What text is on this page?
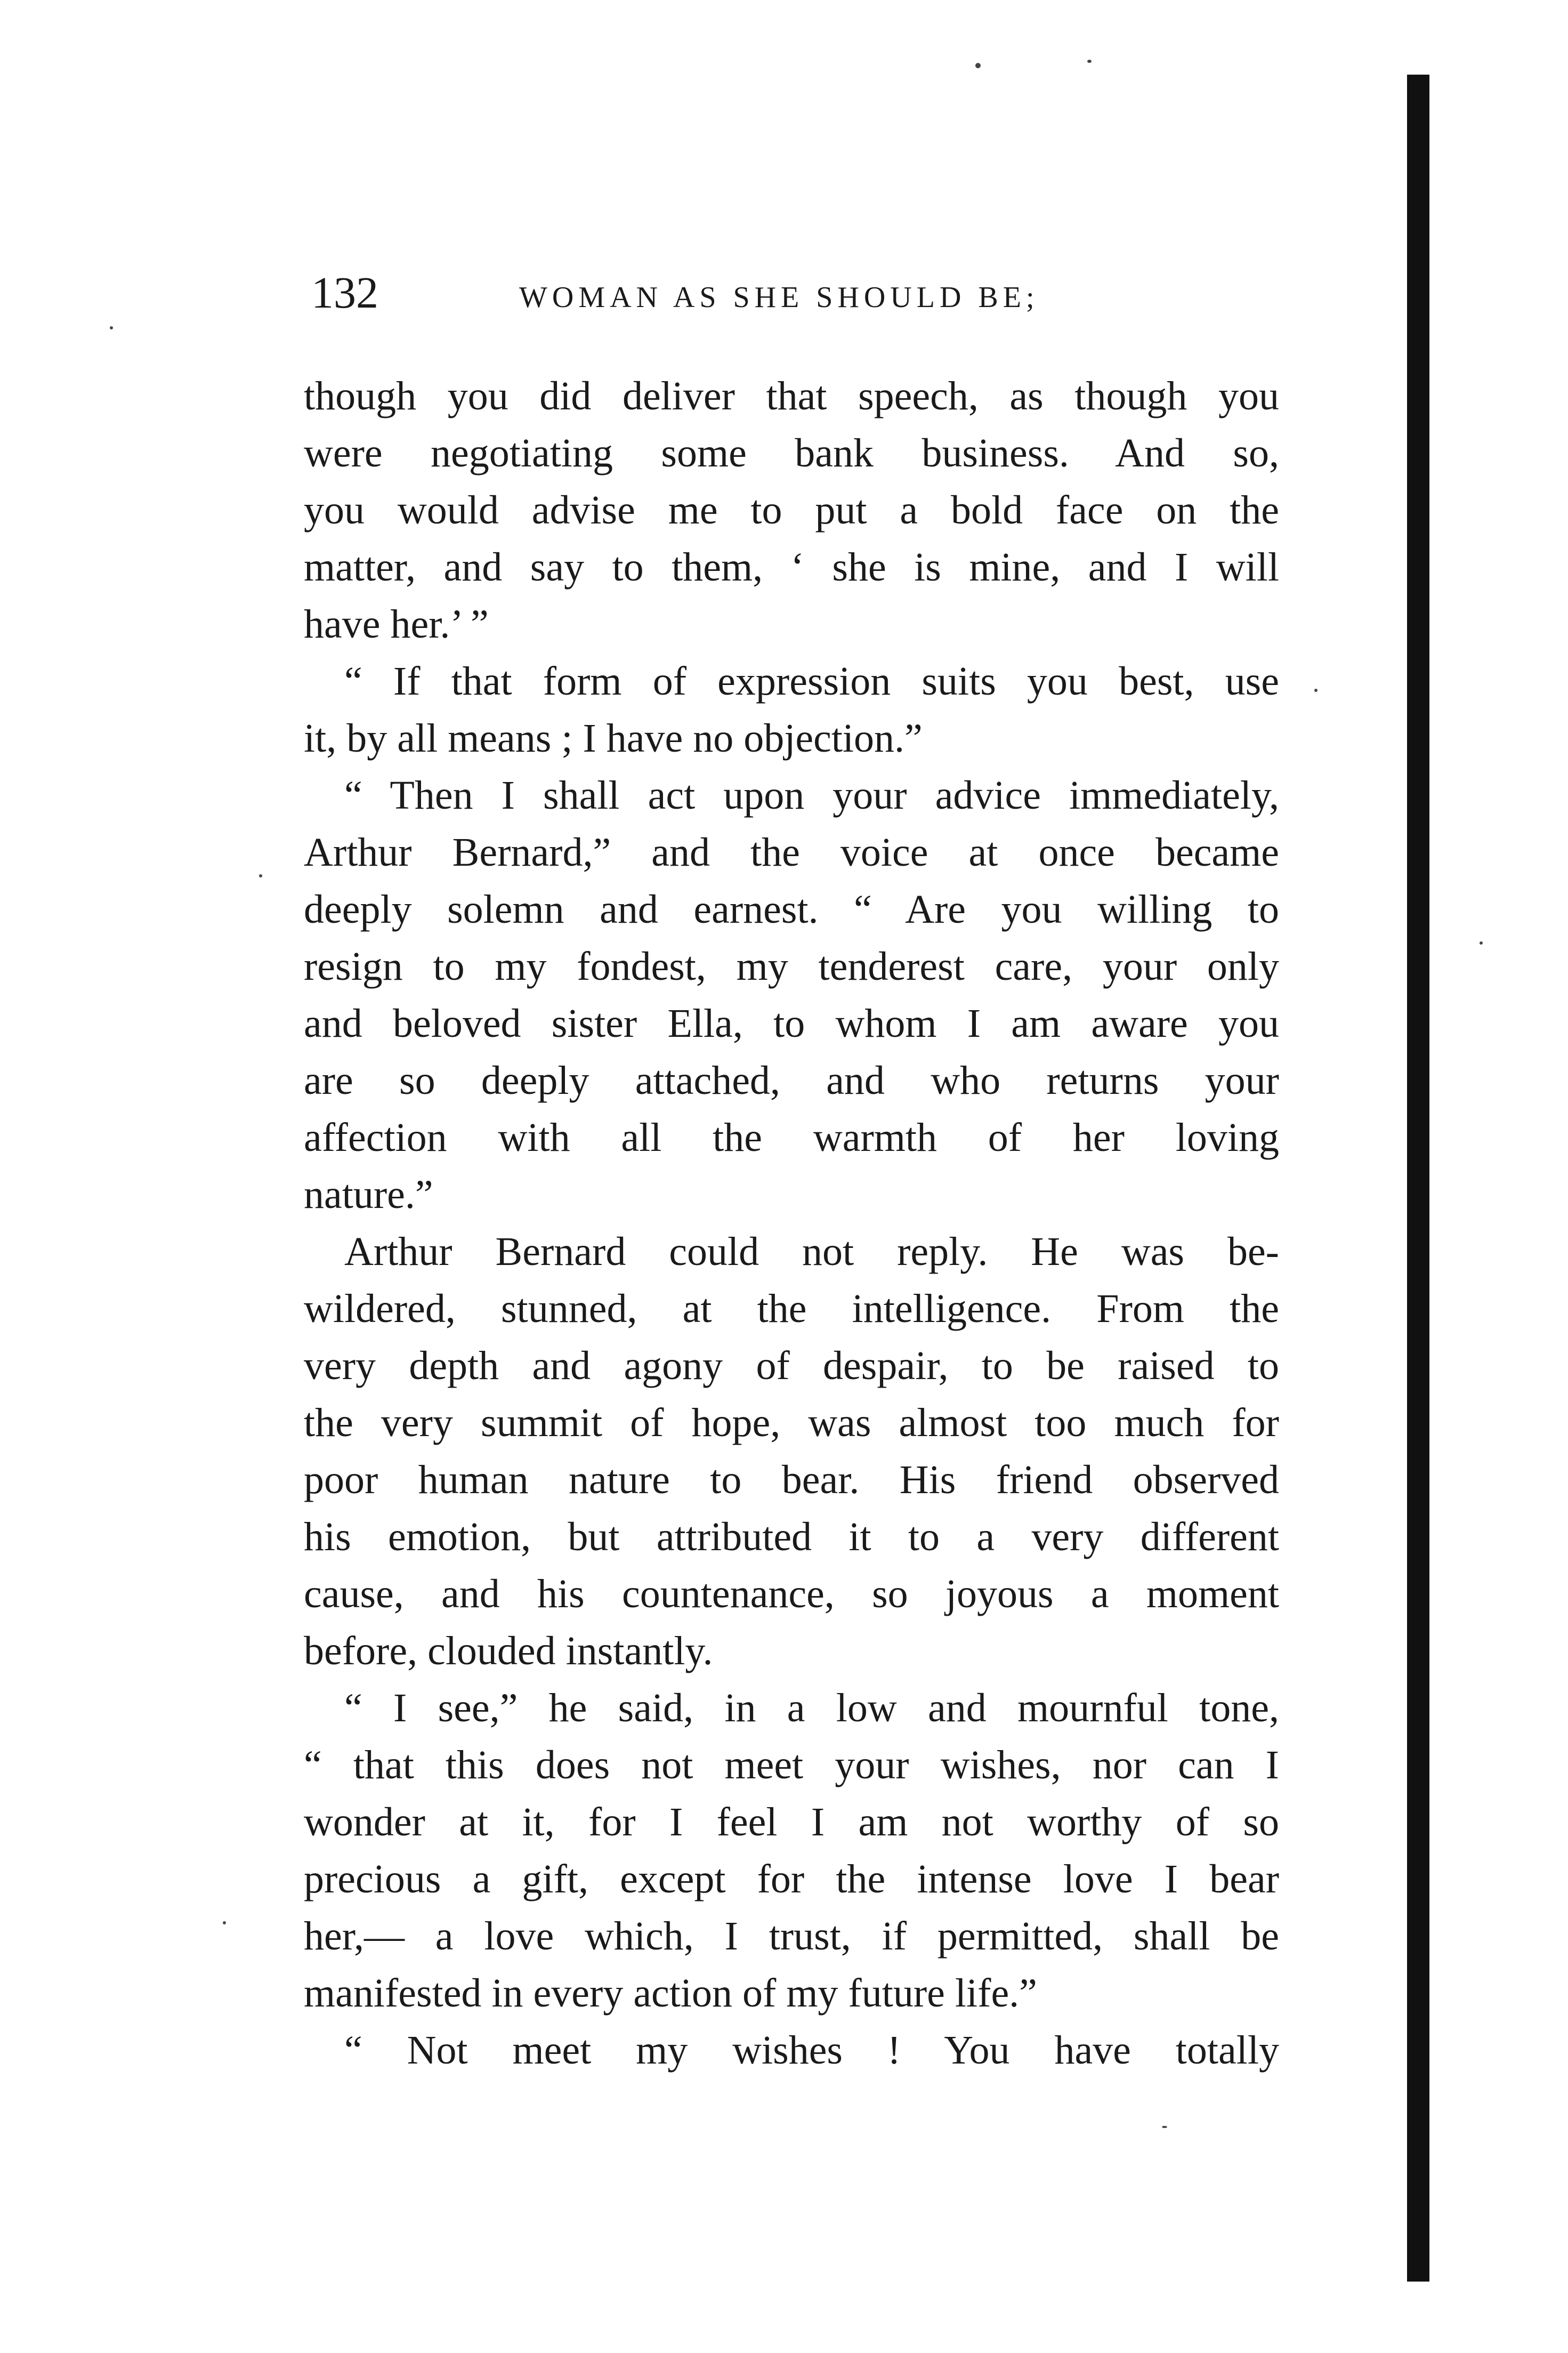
132	WOMAN AS SHE SHOULD BE;
though you did deliver that speech, as though you
were negotiating some bank business. And so,
you would advise me to put a bold face on the
matter, and say to them, ‘ she is mine, and I will
have her.’ ”
“ If that form of expression suits you best, use
it, by all means ; I have no objection.”
“ Then I shall act upon your advice immediately,
Arthur Bernard,” and the voice at once became
deeply solemn and earnest. “ Are you willing to
resign to my fondest, my tenderest care, your only
and beloved sister Ella, to whom I am aware you
are so deeply attached, and who returns your
affection with all the warmth of her loving
nature.”
Arthur Bernard could not reply. He was be-
wildered, stunned, at the intelligence. From the
very depth and agony of despair, to be raised to
the very summit of hope, was almost too much for
poor human nature to bear. His friend observed
his emotion, but attributed it to a very different
cause, and his countenance, so joyous a moment
before, clouded instantly.
“ I see,” he said, in a low and mournful tone,
“ that this does not meet your wishes, nor can I
wonder at it, for I feel I am not worthy of so
precious a gift, except for the intense love I bear
her,— a love which, I trust, if permitted, shall be
manifested in every action of my future life.”
“ Not meet my wishes ! You have totally
